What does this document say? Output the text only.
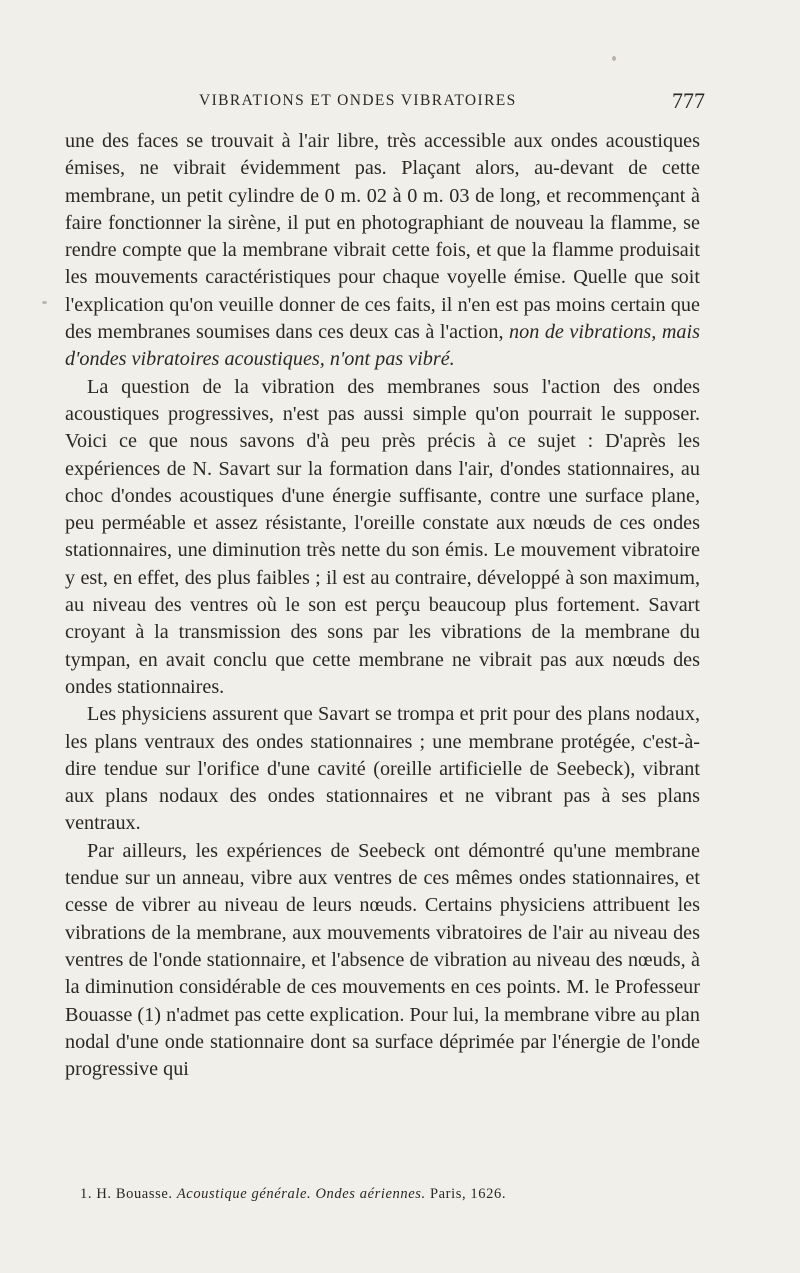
VIBRATIONS ET ONDES VIBRATOIRES	777

une des faces se trouvait à l'air libre, très accessible aux ondes acoustiques émises, ne vibrait évidemment pas. Plaçant alors, au-devant de cette membrane, un petit cylindre de 0 m. 02 à 0 m. 03 de long, et recommençant à faire fonctionner la sirène, il put en photographiant de nouveau la flamme, se rendre compte que la membrane vibrait cette fois, et que la flamme produisait les mouvements caractéristiques pour chaque voyelle émise. Quelle que soit l'explication qu'on veuille donner de ces faits, il n'en est pas moins certain que des membranes soumises dans ces deux cas à l'action, non de vibrations, mais d'ondes vibratoires acoustiques, n'ont pas vibré.

La question de la vibration des membranes sous l'action des ondes acoustiques progressives, n'est pas aussi simple qu'on pourrait le supposer. Voici ce que nous savons d'à peu près précis à ce sujet : D'après les expériences de N. Savart sur la formation dans l'air, d'ondes stationnaires, au choc d'ondes acoustiques d'une énergie suffisante, contre une surface plane, peu perméable et assez résistante, l'oreille constate aux nœuds de ces ondes stationnaires, une diminution très nette du son émis. Le mouvement vibratoire y est, en effet, des plus faibles ; il est au contraire, développé à son maximum, au niveau des ventres où le son est perçu beaucoup plus fortement. Savart croyant à la transmission des sons par les vibrations de la membrane du tympan, en avait conclu que cette membrane ne vibrait pas aux nœuds des ondes stationnaires.

Les physiciens assurent que Savart se trompa et prit pour des plans nodaux, les plans ventraux des ondes stationnaires ; une membrane protégée, c'est-à-dire tendue sur l'orifice d'une cavité (oreille artificielle de Seebeck), vibrant aux plans nodaux des ondes stationnaires et ne vibrant pas à ses plans ventraux.

Par ailleurs, les expériences de Seebeck ont démontré qu'une membrane tendue sur un anneau, vibre aux ventres de ces mêmes ondes stationnaires, et cesse de vibrer au niveau de leurs nœuds. Certains physiciens attribuent les vibrations de la membrane, aux mouvements vibratoires de l'air au niveau des ventres de l'onde stationnaire, et l'absence de vibration au niveau des nœuds, à la diminution considérable de ces mouvements en ces points. M. le Professeur Bouasse (1) n'admet pas cette explication. Pour lui, la membrane vibre au plan nodal d'une onde stationnaire dont sa surface déprimée par l'énergie de l'onde progressive qui

1. H. Bouasse. Acoustique générale. Ondes aériennes. Paris, 1626.
